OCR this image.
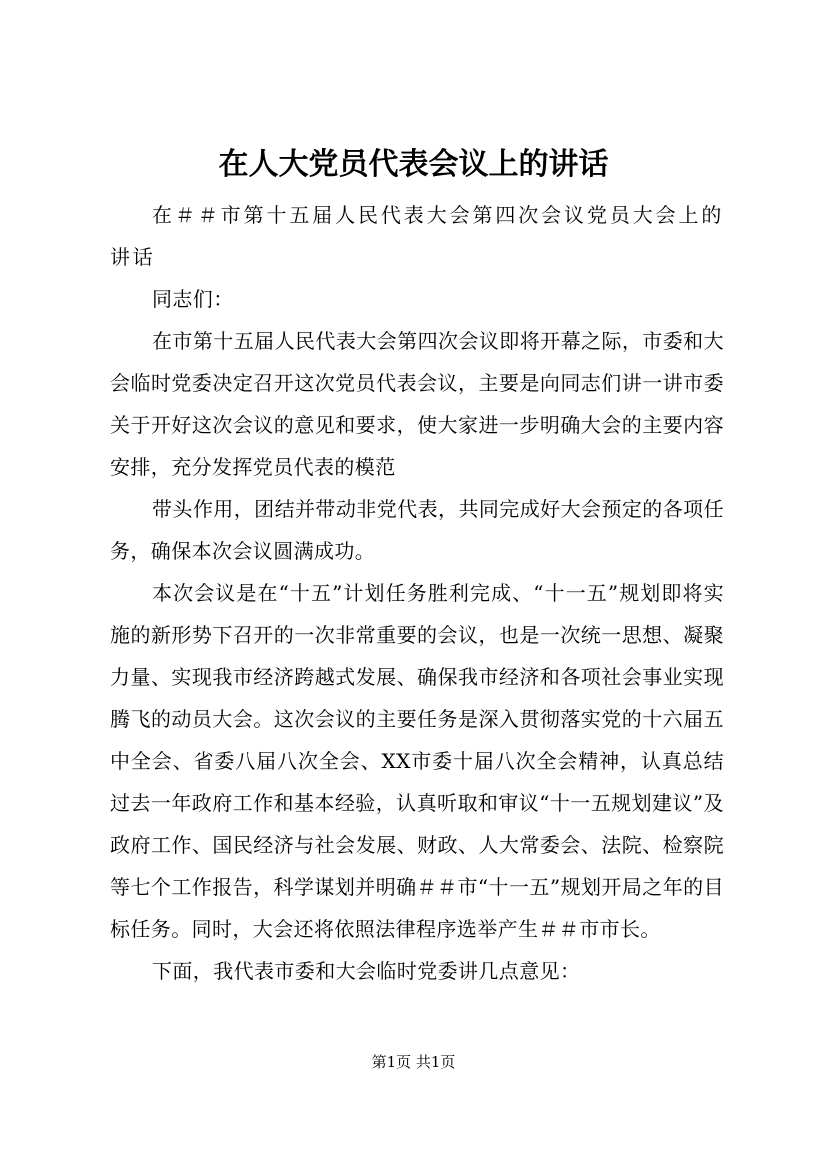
在人大党员代表会议上的讲话

在＃＃市第十五届人民代表大会第四次会议党员大会上的讲话

同志们：

在市第十五届人民代表大会第四次会议即将开幕之际，市委和大会临时党委决定召开这次党员代表会议，主要是向同志们讲一讲市委关于开好这次会议的意见和要求，使大家进一步明确大会的主要内容安排，充分发挥党员代表的模范

带头作用，团结并带动非党代表，共同完成好大会预定的各项任务，确保本次会议圆满成功。

本次会议是在“十五”计划任务胜利完成、“十一五”规划即将实施的新形势下召开的一次非常重要的会议，也是一次统一思想、凝聚力量、实现我市经济跨越式发展、确保我市经济和各项社会事业实现腾飞的动员大会。这次会议的主要任务是深入贯彻落实党的十六届五中全会、省委八届八次全会、XX市委十届八次全会精神，认真总结过去一年政府工作和基本经验，认真听取和审议“十一五规划建议”及政府工作、国民经济与社会发展、财政、人大常委会、法院、检察院等七个工作报告，科学谋划并明确＃＃市“十一五”规划开局之年的目标任务。同时，大会还将依照法律程序选举产生＃＃市市长。

下面，我代表市委和大会临时党委讲几点意见：

第1页 共1页
